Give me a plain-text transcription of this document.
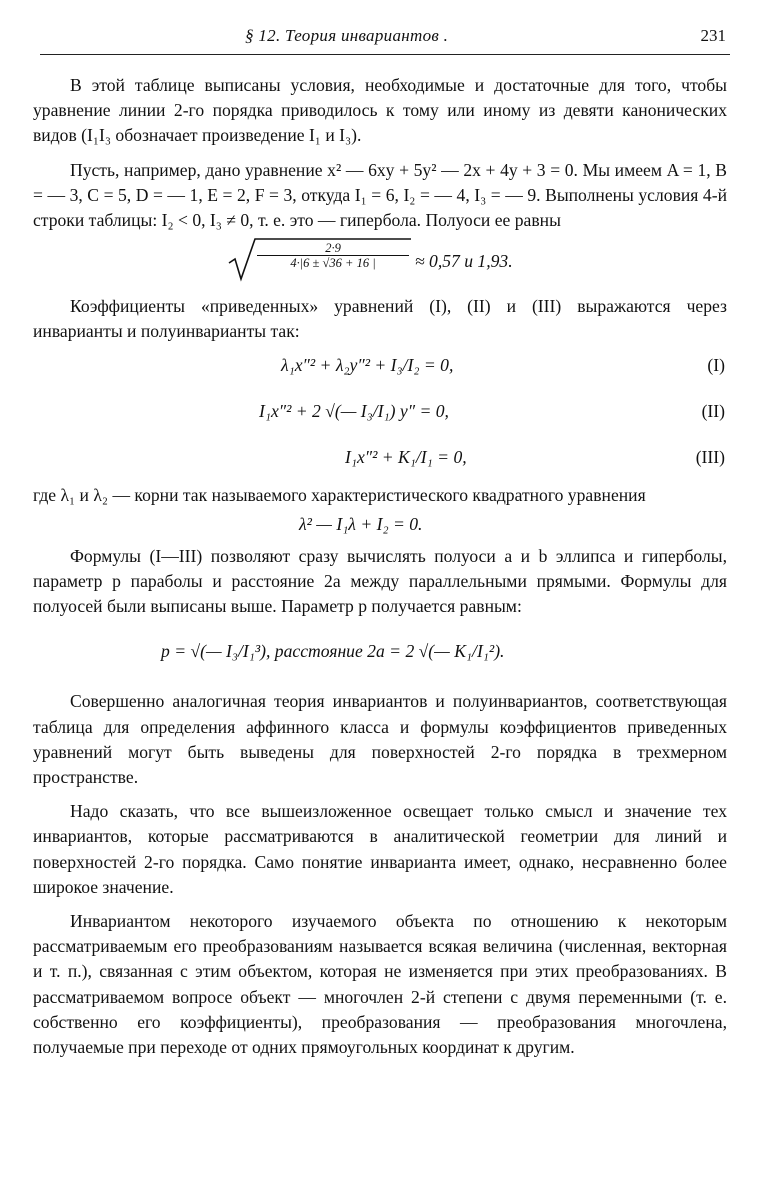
§ 12. Теория инвариантов .	231

В этой таблице выписаны условия, необходимые и достаточные для того, чтобы уравнение линии 2-го порядка приводилось к тому или иному из девяти канонических видов (I₁I₃ обозначает произведение I₁ и I₃).

Пусть, например, дано уравнение x² — 6xy + 5y² — 2x + 4y + 3 = 0. Мы имеем A = 1, B = — 3, C = 5, D = — 1, E = 2, F = 3, откуда I₁ = 6, I₂ = — 4, I₃ = — 9. Выполнены условия 4-й строки таблицы: I₂ < 0, I₃ ≠ 0, т. е. это — гипербола. Полуоси ее равны

$\frac{2\cdot 9}{4\cdot|6 \pm √36 + 16 |} \approx 0,57$ и 1,93.

Коэффициенты «приведенных» уравнений (I), (II) и (III) выражаются через инварианты и полуинварианты так:

λ₁x″² + λ₂y″² + I₃/I₂ = 0,	(I)
I₁x″² + 2 √(— I₃/I₁) y″ = 0,	(II)
I₁x″² + K₁/I₁ = 0,	(III)

где λ₁ и λ₂ — корни так называемого характеристического квадратного уравнения

λ² — I₁λ + I₂ = 0.

Формулы (I—III) позволяют сразу вычислять полуоси a и b эллипса и гиперболы, параметр p параболы и расстояние 2a между параллельными прямыми. Формулы для полуосей были выписаны выше. Параметр p получается равным:

p = √(— I₃/I₁³), расстояние 2a = 2 √(— K₁/I₁²).

Совершенно аналогичная теория инвариантов и полуинвариантов, соответствующая таблица для определения аффинного класса и формулы коэффициентов приведенных уравнений могут быть выведены для поверхностей 2-го порядка в трехмерном пространстве.

Надо сказать, что все вышеизложенное освещает только смысл и значение тех инвариантов, которые рассматриваются в аналитической геометрии для линий и поверхностей 2-го порядка. Само понятие инварианта имеет, однако, несравненно более широкое значение.

Инвариантом некоторого изучаемого объекта по отношению к некоторым рассматриваемым его преобразованиям называется всякая величина (численная, векторная и т. п.), связанная с этим объектом, которая не изменяется при этих преобразованиях. В рассматриваемом вопросе объект — многочлен 2-й степени с двумя переменными (т. е. собственно его коэффициенты), преобразования — преобразования многочлена, получаемые при переходе от одних прямоугольных координат к другим.
